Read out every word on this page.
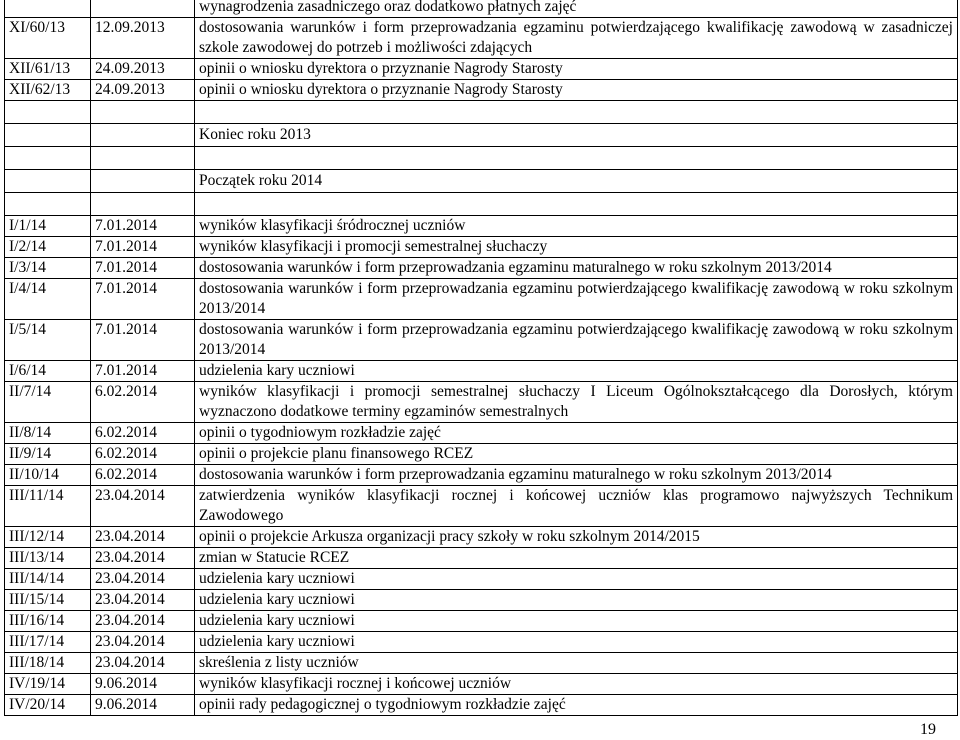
		wynagrodzenia zasadniczego oraz dodatkowo płatnych zajęć
XI/60/13	12.09.2013	dostosowania warunków i form przeprowadzania egzaminu potwierdzającego kwalifikację zawodową w zasadniczej szkole zawodowej do potrzeb i możliwości zdających
XII/61/13	24.09.2013	opinii o wniosku dyrektora o przyznanie Nagrody Starosty
XII/62/13	24.09.2013	opinii o wniosku dyrektora o przyznanie Nagrody Starosty

		Koniec roku 2013

		Początek roku 2014

I/1/14	7.01.2014	wyników klasyfikacji śródrocznej uczniów
I/2/14	7.01.2014	wyników klasyfikacji i promocji semestralnej słuchaczy
I/3/14	7.01.2014	dostosowania warunków i form przeprowadzania egzaminu maturalnego w roku szkolnym 2013/2014
I/4/14	7.01.2014	dostosowania warunków i form przeprowadzania egzaminu potwierdzającego kwalifikację zawodową w roku szkolnym 2013/2014
I/5/14	7.01.2014	dostosowania warunków i form przeprowadzania egzaminu potwierdzającego kwalifikację zawodową w roku szkolnym 2013/2014
I/6/14	7.01.2014	udzielenia kary uczniowi
II/7/14	6.02.2014	wyników klasyfikacji i promocji semestralnej słuchaczy I Liceum Ogólnokształcącego dla Dorosłych, którym wyznaczono dodatkowe terminy egzaminów semestralnych
II/8/14	6.02.2014	opinii o tygodniowym rozkładzie zajęć
II/9/14	6.02.2014	opinii o projekcie planu finansowego RCEZ
II/10/14	6.02.2014	dostosowania warunków i form przeprowadzania egzaminu maturalnego w roku szkolnym 2013/2014
III/11/14	23.04.2014	zatwierdzenia wyników klasyfikacji rocznej i końcowej uczniów klas programowo najwyższych Technikum Zawodowego
III/12/14	23.04.2014	opinii o projekcie Arkusza organizacji pracy szkoły w roku szkolnym 2014/2015
III/13/14	23.04.2014	zmian w Statucie RCEZ
III/14/14	23.04.2014	udzielenia kary uczniowi
III/15/14	23.04.2014	udzielenia kary uczniowi
III/16/14	23.04.2014	udzielenia kary uczniowi
III/17/14	23.04.2014	udzielenia kary uczniowi
III/18/14	23.04.2014	skreślenia z listy uczniów
IV/19/14	9.06.2014	wyników klasyfikacji rocznej i końcowej uczniów
IV/20/14	9.06.2014	opinii rady pedagogicznej o tygodniowym rozkładzie zajęć
19
